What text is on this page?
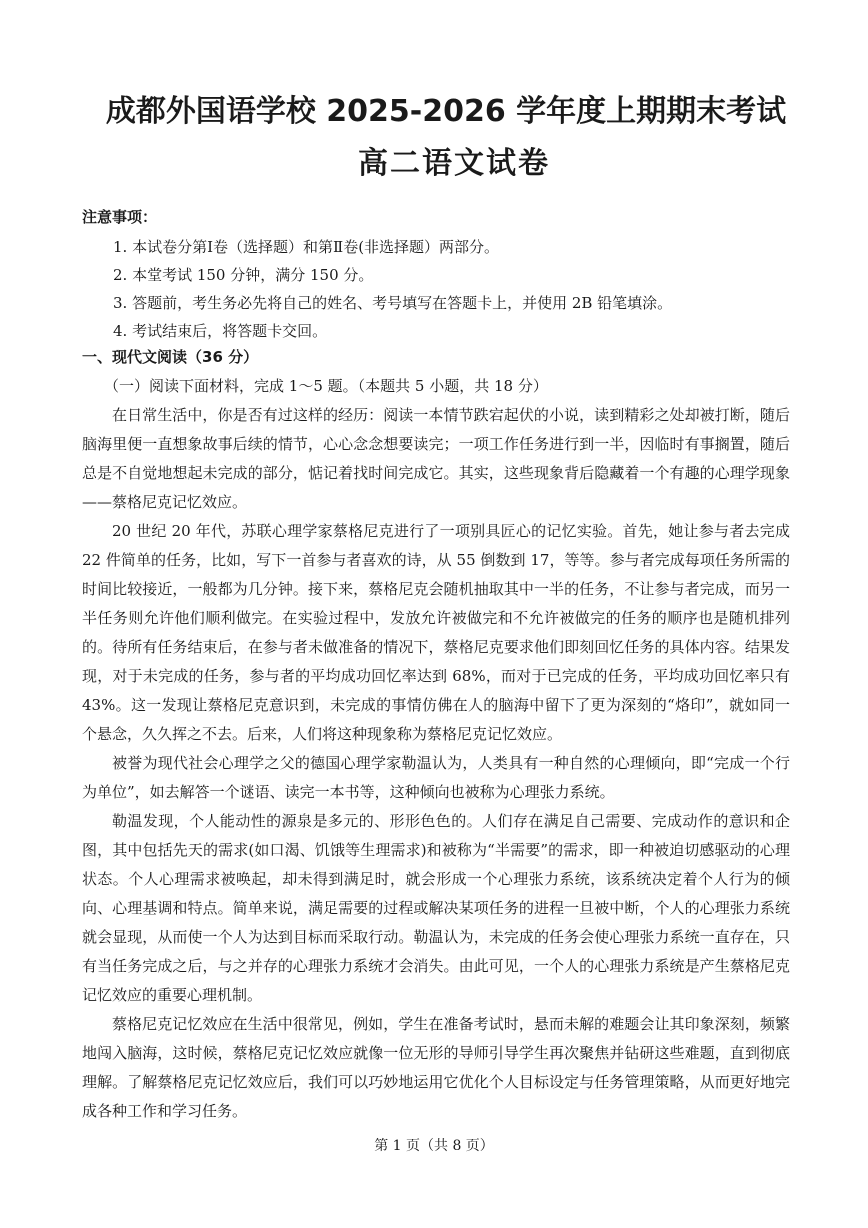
成都外国语学校 2025-2026 学年度上期期末考试
高二语文试卷
注意事项：
1. 本试卷分第Ⅰ卷（选择题）和第Ⅱ卷(非选择题）两部分。
2. 本堂考试 150 分钟，满分 150 分。
3. 答题前，考生务必先将自己的姓名、考号填写在答题卡上，并使用 2B 铅笔填涂。
4. 考试结束后，将答题卡交回。
一、现代文阅读（36 分）
（一）阅读下面材料，完成 1～5 题。（本题共 5 小题，共 18 分）

在日常生活中，你是否有过这样的经历：阅读一本情节跌宕起伏的小说，读到精彩之处却被打断，随后脑海里便一直想象故事后续的情节，心心念念想要读完；一项工作任务进行到一半，因临时有事搁置，随后总是不自觉地想起未完成的部分，惦记着找时间完成它。其实，这些现象背后隐藏着一个有趣的心理学现象——蔡格尼克记忆效应。

20 世纪 20 年代，苏联心理学家蔡格尼克进行了一项别具匠心的记忆实验。首先，她让参与者去完成 22 件简单的任务，比如，写下一首参与者喜欢的诗，从 55 倒数到 17，等等。参与者完成每项任务所需的时间比较接近，一般都为几分钟。接下来，蔡格尼克会随机抽取其中一半的任务，不让参与者完成，而另一半任务则允许他们顺利做完。在实验过程中，发放允许被做完和不允许被做完的任务的顺序也是随机排列的。待所有任务结束后，在参与者未做准备的情况下，蔡格尼克要求他们即刻回忆任务的具体内容。结果发现，对于未完成的任务，参与者的平均成功回忆率达到 68%，而对于已完成的任务，平均成功回忆率只有 43%。这一发现让蔡格尼克意识到，未完成的事情仿佛在人的脑海中留下了更为深刻的“烙印”，就如同一个悬念，久久挥之不去。后来，人们将这种现象称为蔡格尼克记忆效应。

被誉为现代社会心理学之父的德国心理学家勒温认为，人类具有一种自然的心理倾向，即“完成一个行为单位”，如去解答一个谜语、读完一本书等，这种倾向也被称为心理张力系统。

勒温发现，个人能动性的源泉是多元的、形形色色的。人们存在满足自己需要、完成动作的意识和企图，其中包括先天的需求(如口渴、饥饿等生理需求)和被称为“半需要”的需求，即一种被迫切感驱动的心理状态。个人心理需求被唤起，却未得到满足时，就会形成一个心理张力系统，该系统决定着个人行为的倾向、心理基调和特点。简单来说，满足需要的过程或解决某项任务的进程一旦被中断，个人的心理张力系统就会显现，从而使一个人为达到目标而采取行动。勒温认为，未完成的任务会使心理张力系统一直存在，只有当任务完成之后，与之并存的心理张力系统才会消失。由此可见，一个人的心理张力系统是产生蔡格尼克记忆效应的重要心理机制。

蔡格尼克记忆效应在生活中很常见，例如，学生在准备考试时，悬而未解的难题会让其印象深刻，频繁地闯入脑海，这时候，蔡格尼克记忆效应就像一位无形的导师引导学生再次聚焦并钻研这些难题，直到彻底理解。了解蔡格尼克记忆效应后，我们可以巧妙地运用它优化个人目标设定与任务管理策略，从而更好地完成各种工作和学习任务。

第 1 页（共 8 页）
